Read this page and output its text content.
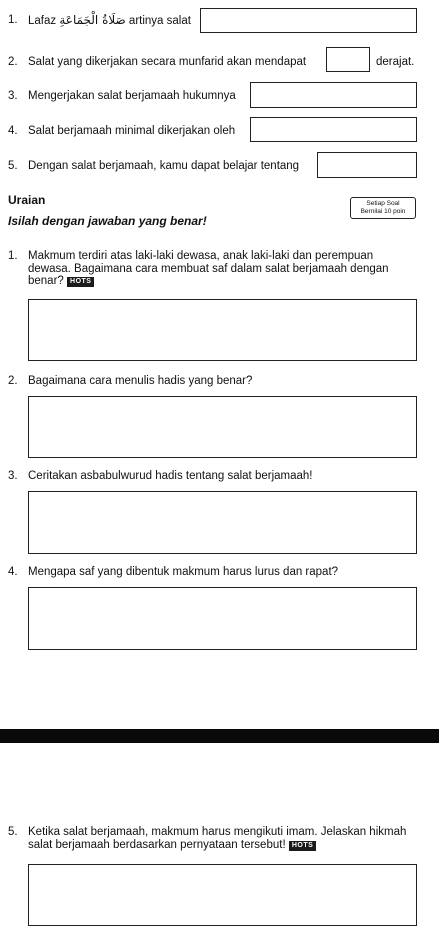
1. Lafaz صَلَاةُ الْجَمَاعَةِ artinya salat
2. Salat yang dikerjakan secara munfarid akan mendapat	derajat.
3. Mengerjakan salat berjamaah hukumnya
4. Salat berjamaah minimal dikerjakan oleh
5. Dengan salat berjamaah, kamu dapat belajar tentang
Uraian
Isilah dengan jawaban yang benar!
Setiap Soal
Bernilai 10 poin
1. Makmum terdiri atas laki-laki dewasa, anak laki-laki dan perempuan
dewasa. Bagaimana cara membuat saf dalam salat berjamaah dengan
benar? HOTS
2. Bagaimana cara menulis hadis yang benar?
3. Ceritakan asbabulwurud hadis tentang salat berjamaah!
4. Mengapa saf yang dibentuk makmum harus lurus dan rapat?
5. Ketika salat berjamaah, makmum harus mengikuti imam. Jelaskan hikmah
salat berjamaah berdasarkan pernyataan tersebut! HOTS
